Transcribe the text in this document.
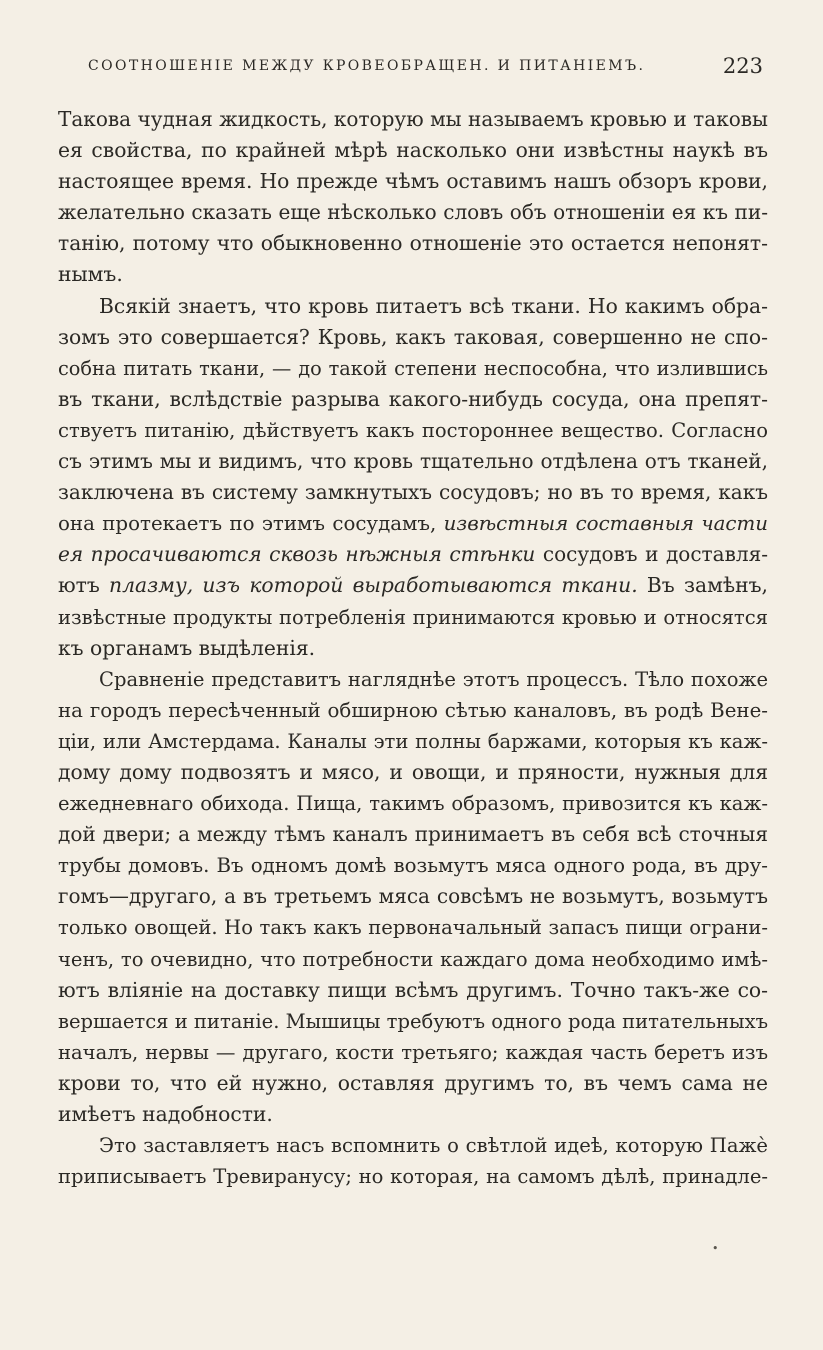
СООТНОШЕНІЕ МЕЖДУ КРОВЕОБРАЩЕН. И ПИТАНІЕМЪ.	223
Такова чудная жидкость, которую мы называемъ кровью и таковы
ея свойства, по крайней мѣрѣ насколько они извѣстны наукѣ въ
настоящее время. Но прежде чѣмъ оставимъ нашъ обзоръ крови,
желательно сказать еще нѣсколько словъ объ отношеніи ея къ пи-
танію, потому что обыкновенно отношеніе это остается непонят-
нымъ.
Всякій знаетъ, что кровь питаетъ всѣ ткани. Но какимъ обра-
зомъ это совершается? Кровь, какъ таковая, совершенно не спо-
собна питать ткани, — до такой степени неспособна, что излившись
въ ткани, вслѣдствіе разрыва какого-нибудь сосуда, она препят-
ствуетъ питанію, дѣйствуетъ какъ постороннее вещество. Согласно
съ этимъ мы и видимъ, что кровь тщательно отдѣлена отъ тканей,
заключена въ систему замкнутыхъ сосудовъ; но въ то время, какъ
она протекаетъ по этимъ сосудамъ, извѣстныя составныя части
ея просачиваются сквозь нѣжныя стѣнки сосудовъ и доставля-
ютъ плазму, изъ которой выработываются ткани. Въ замѣнъ,
извѣстные продукты потребленія принимаются кровью и относятся
къ органамъ выдѣленія.
Сравненіе представитъ нагляднѣе этотъ процессъ. Тѣло похоже
на городъ пересѣченный обширною сѣтью каналовъ, въ родѣ Вене-
ціи, или Амстердама. Каналы эти полны баржами, которыя къ каж-
дому дому подвозятъ и мясо, и овощи, и пряности, нужныя для
ежедневнаго обихода. Пища, такимъ образомъ, привозится къ каж-
дой двери; а между тѣмъ каналъ принимаетъ въ себя всѣ сточныя
трубы домовъ. Въ одномъ домѣ возьмутъ мяса одного рода, въ дру-
гомъ—другаго, а въ третьемъ мяса совсѣмъ не возьмутъ, возьмутъ
только овощей. Но такъ какъ первоначальный запасъ пищи ограни-
ченъ, то очевидно, что потребности каждаго дома необходимо имѣ-
ютъ вліяніе на доставку пищи всѣмъ другимъ. Точно такъ-же со-
вершается и питаніе. Мышицы требуютъ одного рода питательныхъ
началъ, нервы — другаго, кости третьяго; каждая часть беретъ изъ
крови то, что ей нужно, оставляя другимъ то, въ чемъ сама не
имѣетъ надобности.
Это заставляетъ насъ вспомнить о свѣтлой идеѣ, которую Пажѐ
приписываетъ Тревиранусу; но которая, на самомъ дѣлѣ, принадле-
•
